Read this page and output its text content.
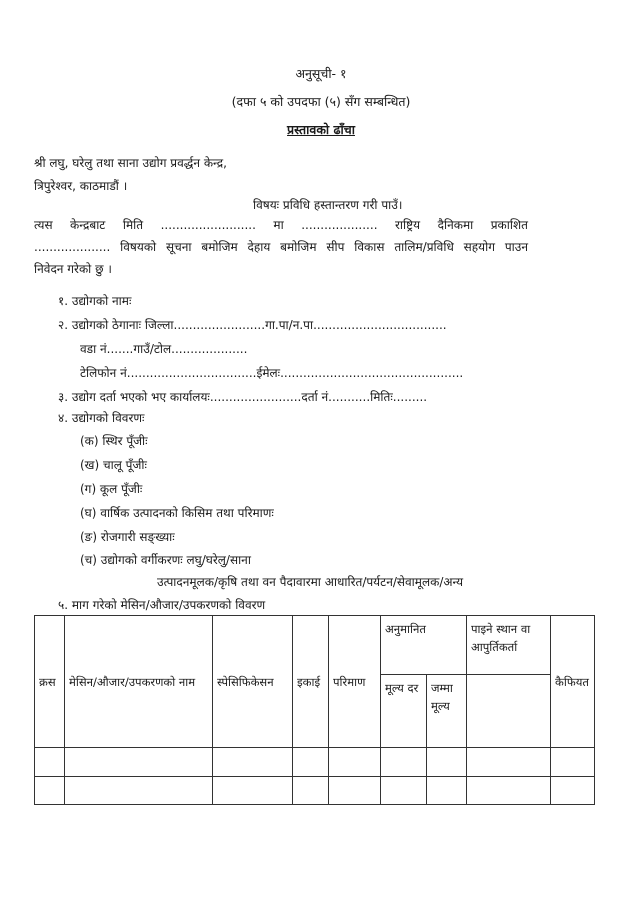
अनुसूची- १
(दफा ५ को उपदफा (५) सँग सम्बन्धित)
प्रस्तावको ढाँचा
श्री लघु, घरेलु तथा साना उद्योग प्रवर्द्धन केन्द्र,
त्रिपुरेश्वर, काठमाडौं ।
विषयः प्रविधि हस्तान्तरण गरी पाउँ।
त्यस केन्द्रबाट मिति ......................... मा .................... राष्ट्रिय दैनिकमा प्रकाशित
.................... विषयको सूचना बमोजिम देहाय बमोजिम सीप विकास तालिम/प्रविधि सहयोग पाउन
निवेदन गरेको छु ।
१. उद्योगको नामः
२. उद्योगको ठेगानाः जिल्ला........................गा.पा/न.पा...................................
वडा नं.......गाउँ/टोल....................
टेलिफोन नं..................................ईमेलः................................................
३. उद्योग दर्ता भएको भए कार्यालयः........................दर्ता नं...........मितिः.........
४. उद्योगको विवरणः
(क) स्थिर पूँजीः
(ख) चालू पूँजीः
(ग) कूल पूँजीः
(घ) वार्षिक उत्पादनको किसिम तथा परिमाणः
(ङ) रोजगारी सङ्ख्याः
(च) उद्योगको वर्गीकरणः लघु/घरेलु/साना
उत्पादनमूलक/कृषि तथा वन पैदावारमा आधारित/पर्यटन/सेवामूलक/अन्य
५. माग गरेको मेसिन/औजार/उपकरणको विवरण
क्रस	मेसिन/औजार/उपकरणको नाम	स्पेसिफिकेसन	इकाई	परिमाण	अनुमानित		पाइने स्थान वा आपुर्तिकर्ता	कैफियत
					मूल्य दर	जम्मा मूल्य		
